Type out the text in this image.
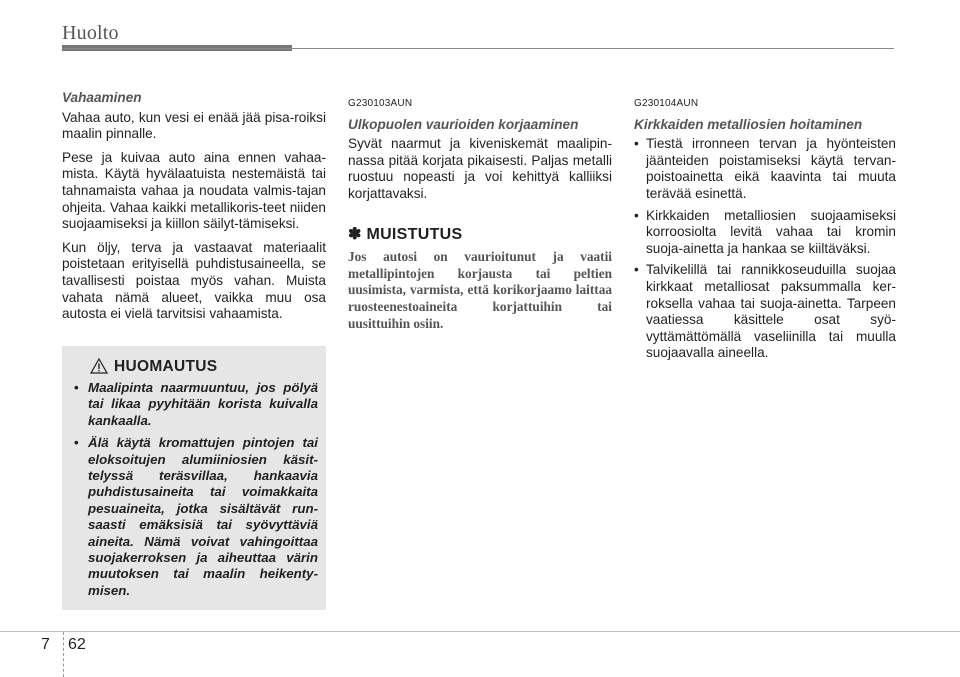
Huolto
Vahaaminen

Vahaa auto, kun vesi ei enää jää pisa-roiksi maalin pinnalle.

Pese ja kuivaa auto aina ennen vahaa-mista. Käytä hyvälaatuista nestemäistä tai tahnamaista vahaa ja noudata valmis-tajan ohjeita. Vahaa kaikki metallikoris-teet niiden suojaamiseksi ja kiillon säilyt-tämiseksi.

Kun öljy, terva ja vastaavat materiaalit poistetaan erityisellä puhdistusaineella, se tavallisesti poistaa myös vahan. Muista vahata nämä alueet, vaikka muu osa autosta ei vielä tarvitsisi vahaamista.

HUOMAUTUS
• Maalipinta naarmuuntuu, jos pölyä tai likaa pyyhitään korista kuivalla kankaalla.
• Älä käytä kromattujen pintojen tai eloksoitujen alumiiniosien käsit-telyssä teräsvillaa, hankaavia puhdistusaineita tai voimakkaita pesuaineita, jotka sisältävät run-saasti emäksisiä tai syövyttäviä aineita. Nämä voivat vahingoittaa suojakerroksen ja aiheuttaa värin muutoksen tai maalin heikenty-misen.
G230103AUN
Ulkopuolen vaurioiden korjaaminen

Syvät naarmut ja kiveniskemät maalipin-nassa pitää korjata pikaisesti. Paljas metalli ruostuu nopeasti ja voi kehittyä kalliiksi korjattavaksi.

✽ MUISTUTUS
Jos autosi on vaurioitunut ja vaatii metallipintojen korjausta tai peltien uusimista, varmista, että korikorjaamo laittaa ruosteenestoaineita korjattuihin tai uusittuihin osiin.
G230104AUN
Kirkkaiden metalliosien hoitaminen
• Tiestä irronneen tervan ja hyönteisten jäänteiden poistamiseksi käytä tervan-poistoainetta eikä kaavinta tai muuta terävää esinettä.
• Kirkkaiden metalliosien suojaamiseksi korroosiolta levitä vahaa tai kromin suoja-ainetta ja hankaa se kiiltäväksi.
• Talvikelillä tai rannikkoseuduilla suojaa kirkkaat metalliosat paksummalla ker-roksella vahaa tai suoja-ainetta. Tarpeen vaatiessa käsittele osat syö-vyttämättömällä vaseliinilla tai muulla suojaavalla aineella.
7 62
